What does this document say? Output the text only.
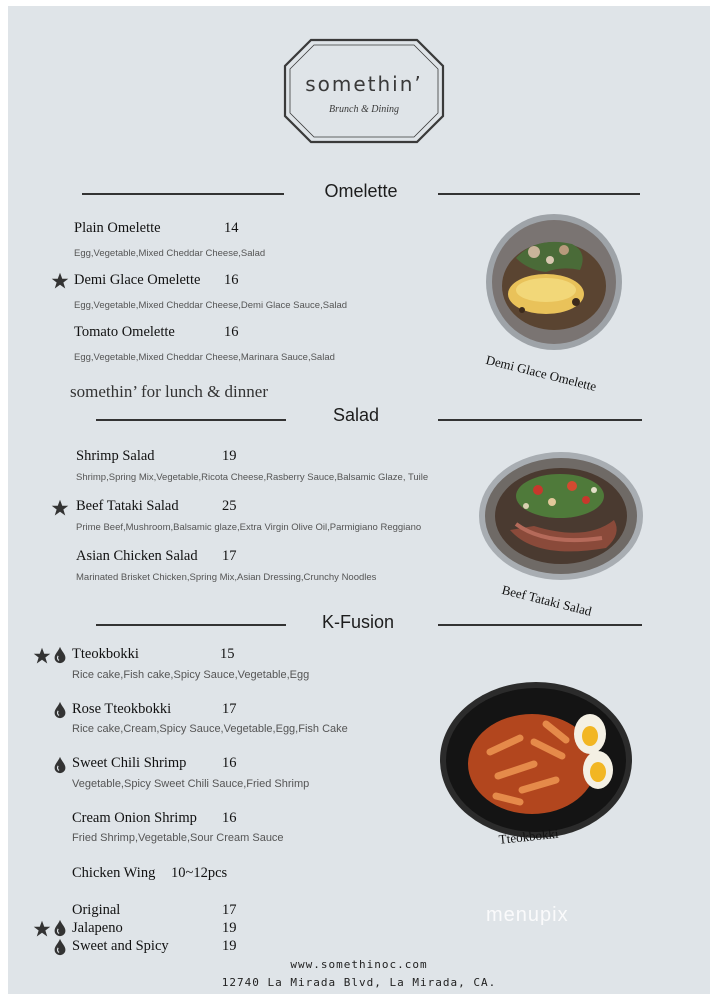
somethin’
Brunch & Dining
Omelette
Plain Omelette	14
Egg,Vegetable,Mixed Cheddar Cheese,Salad
Demi Glace Omelette 16
Egg,Vegetable,Mixed Cheddar Cheese,Demi Glace Sauce,Salad
Tomato Omelette	16
Egg,Vegetable,Mixed Cheddar Cheese,Marinara Sauce,Salad	Demi Glace Omelette
somethin’ for lunch & dinner
Salad
Shrimp Salad	19
Shrimp,Spring Mix,Vegetable,Ricota Cheese,Rasberry Sauce,Balsamic Glaze, Tuile
Beef Tataki Salad	25
Prime Beef,Mushroom,Balsamic glaze,Extra Virgin Olive Oil,Parmigiano Reggiano
Asian Chicken Salad 17
Marinated Brisket Chicken,Spring Mix,Asian Dressing,Crunchy Noodles
Beef Tataki Salad
K-Fusion
Tteokbokki	15
Rice cake,Fish cake,Spicy Sauce,Vegetable,Egg
Rose Tteokbokki	17
Rice cake,Cream,Spicy Sauce,Vegetable,Egg,Fish Cake
Sweet Chili Shrimp 16
Vegetable,Spicy Sweet Chili Sauce,Fried Shrimp
Cream Onion Shrimp 16
Fried Shrimp,Vegetable,Sour Cream Sauce
Chicken Wing 10~12pcs
Original	17
Jalapeno	19
Sweet and Spicy	19
Tteokbokki
menupix
www.somethinoc.com
12740 La Mirada Blvd, La Mirada, CA.
